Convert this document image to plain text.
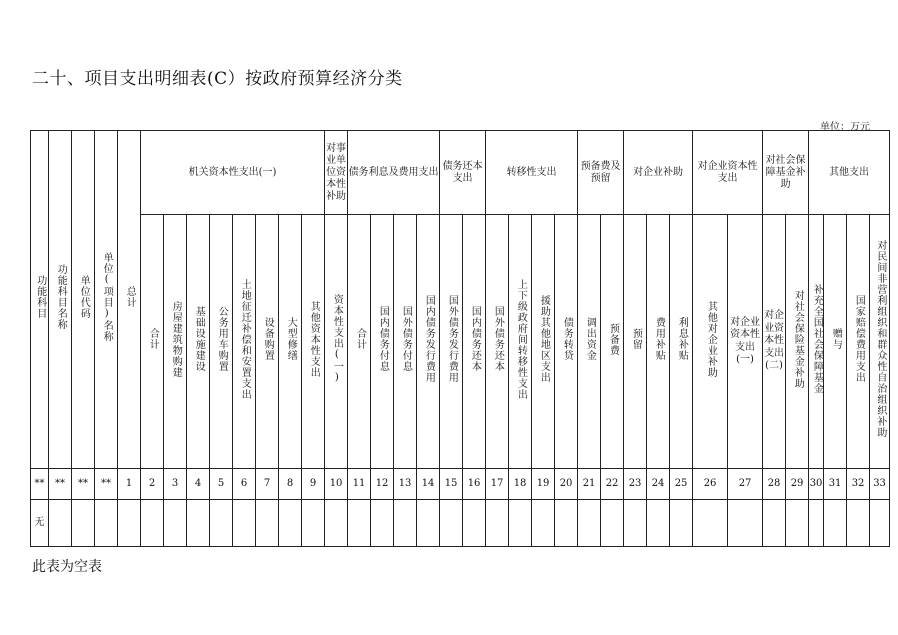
二十、项目支出明细表(C）按政府预算经济分类
单位：万元
功能科目	功能科目名称	单位代码	单位(项目)名称	总计	机关资本性支出(一)								对事业单位资本性补助	债务利息及费用支出				债务还本支出		转移性支出				预备费及预留		对企业补助			对企业资本性支出		对社会保障基金补助		其他支出				
					合计	房屋建筑物购建	基础设施建设	公务用车购置	土地征迁补偿和安置支出	设备购置	大型修缮	其他资本性支出	资本性支出(一)	合计	国内债务付息	国外债务付息	国内债务发行费用	国外债务发行费用	国内债务还本	国外债务还本	上下级政府间转移性支出	援助其他地区支出	债务转贷	调出资金	预备费	预留	费用补贴	利息补贴	其他对企业补助	对企业资本性支出(一)	对企业资本性支出(二)	对社会保险基金补助	补充全国社会保障基金	赠与	国家赔偿费用支出	对民间非营利组织和群众性自治组织补助	
**	**	**	**	1	2	3	4	5	6	7	8	9	10	11	12	13	14	15	16	17	18	19	20	21	22	23	24	25	26	27	28	29	30	31	32	33	
无																																					
此表为空表
